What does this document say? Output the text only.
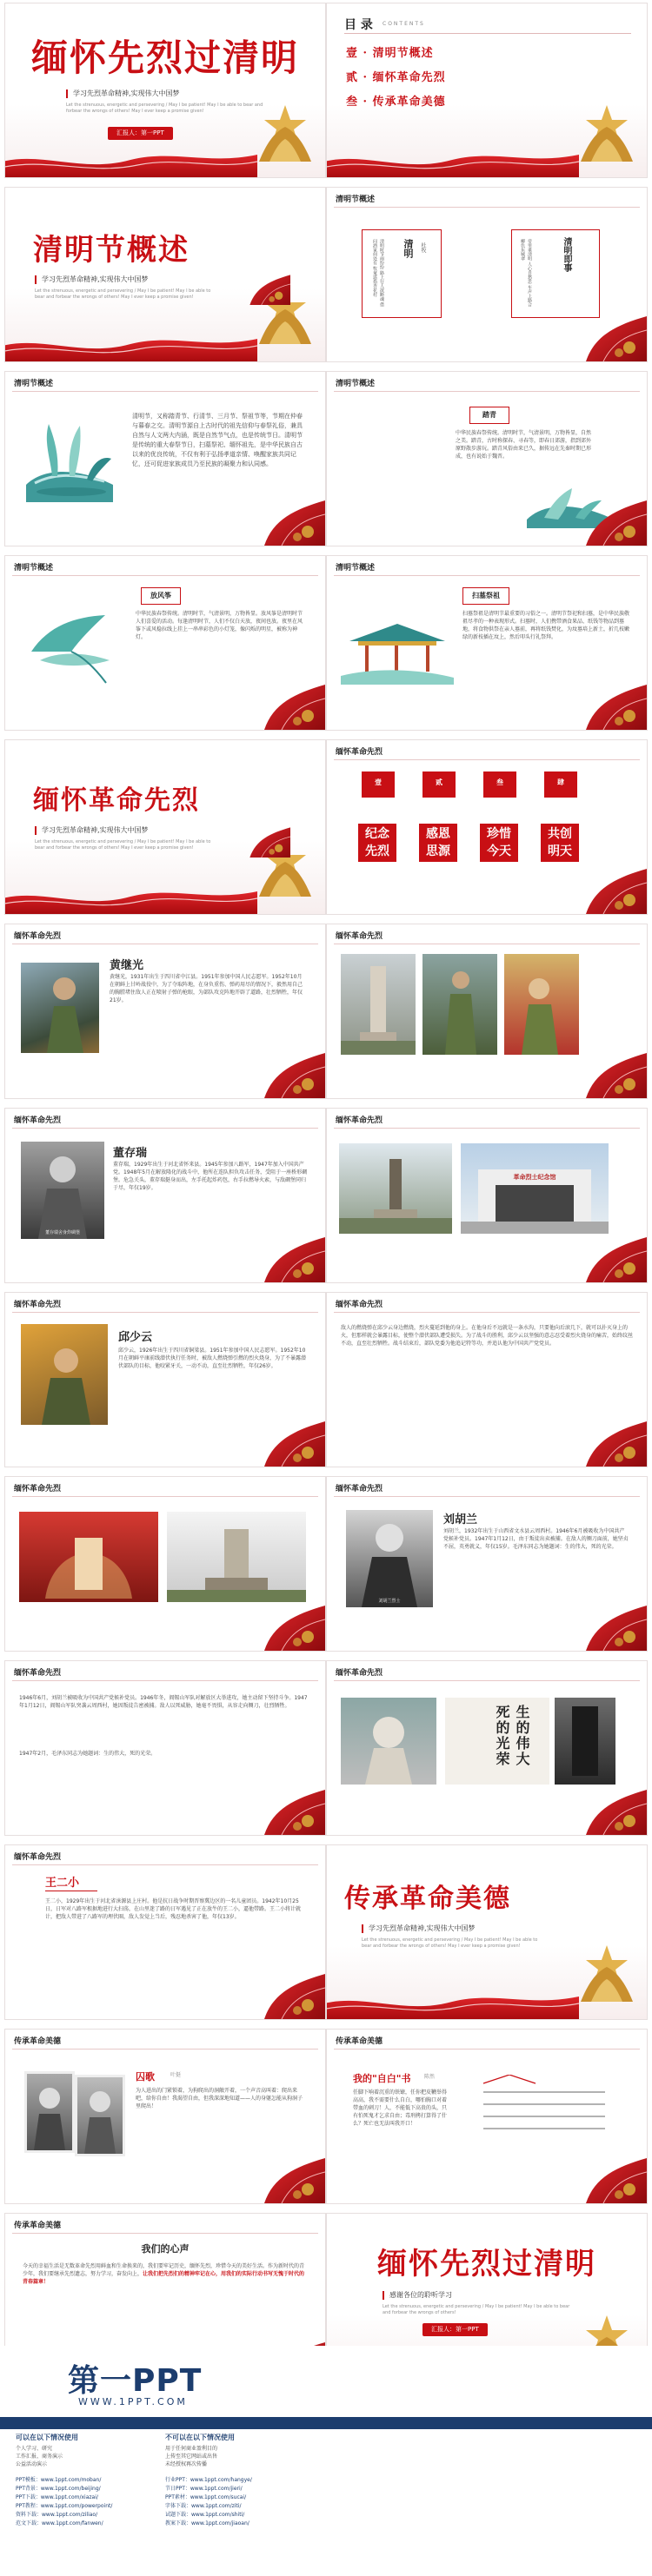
缅怀先烈过清明
学习先烈革命精神,实现伟大中国梦
Let the strenuous, energetic and persevering / May I be patient! May I be able to bear and forbear the wrongs of others! May I ever keep a promise given!
汇报人：第一PPT
目 录 CONTENTS
壹 · 清明节概述
贰 · 缅怀革命先烈
叁 · 传承革命美德
清明节概述
学习先烈革命精神,实现伟大中国梦
Let the strenuous, energetic and persevering / May I be patient! May I be able to bear and forbear the wrongs of others! May I ever keep a promise given!
清明节概述
清明 杜牧
清明时节雨纷纷 路上行人欲断魂 借问酒家何处有 牧童遥指杏花村
清明即事
帝里重清明 人心自愁思 车声上路合 柳色东城翠
清明节概述
清明节，又称踏青节、行清节、三月节、祭祖节等，节期在仲春与暮春之交。清明节源自上古时代的祖先信仰与春祭礼俗，兼具自然与人文两大内涵，既是自然节气点，也是传统节日。清明节是传统的重大春祭节日，扫墓祭祀、缅怀祖先，是中华民族自古以来的优良传统，不仅有利于弘扬孝道亲情、唤醒家族共同记忆，还可促进家族成员乃至民族的凝聚力和认同感。
清明节概述
踏青
中华民族春祭传统。清明时节，气清景明，万物皆显，自然之美。踏青，古时称探春、寻春等，即春日郊游，指到郊外原野散步游玩。踏青风俗由来已久，据传远在先秦时期已形成，也有说始于魏晋。
清明节概述
放风筝
中华民族春祭传统。清明时节，气清景明，万物皆显。放风筝是清明时节人们喜爱的活动。每逢清明时节，人们不仅白天放，夜间也放。夜里在风筝下或风稳拉线上挂上一串串彩色的小灯笼，像闪烁的明星，被称为神灯。
清明节概述
扫墓祭祖
扫墓祭祖是清明节最重要的习俗之一。清明节祭祀和扫墓，是中华民族敬祖尽孝的一种表现形式。扫墓时，人们携带酒食果品、纸钱等物品到墓地，将食物供祭在亲人墓前，再将纸钱焚化，为坟墓培上新土，折几枝嫩绿的新枝插在坟上，然后叩头行礼祭拜。
缅怀革命先烈
学习先烈革命精神,实现伟大中国梦
Let the strenuous, energetic and persevering / May I be patient! May I be able to bear and forbear the wrongs of others! May I ever keep a promise given!
缅怀革命先烈
壹	贰	叁	肆
纪念
先烈
感恩
思源
珍惜
今天
共创
明天
缅怀革命先烈
黄继光
黄继光，1931年出生于四川省中江县。1951年参加中国人民志愿军。1952年10月在朝鲜上甘岭战役中，为了夺取阵地，在身负重伤、弹药用尽的情况下，毅然用自己的胸膛堵住敌人正在喷射子弹的枪眼，为部队攻克阵地开辟了道路，壮烈牺牲，年仅21岁。
缅怀革命先烈
缅怀革命先烈
董存瑞舍身炸碉堡
董存瑞
董存瑞，1929年出生于河北省怀来县。1945年参加八路军，1947年加入中国共产党。1948年5月在解放隆化的战斗中，他所在连队担负攻击任务，受阻于一座桥形碉堡。危急关头，董存瑞挺身而出，左手托起炸药包，右手拉燃导火索，与敌碉堡同归于尽，年仅19岁。
缅怀革命先烈
革命烈士纪念馆
缅怀革命先烈
邱少云
邱少云，1926年出生于四川省铜梁县。1951年参加中国人民志愿军。1952年10月在朝鲜平康前线潜伏执行任务时，被敌人燃烧弹引燃的烈火烧身，为了不暴露潜伏部队的目标，他咬紧牙关，一动不动，直至壮烈牺牲，年仅26岁。
缅怀革命先烈
敌人的燃烧弹在邱少云身边燃烧，烈火蔓延到他的身上。在他身后不远就是一条水沟，只要他向后滚几下，就可以扑灭身上的火，但那样就会暴露目标，使整个潜伏部队遭受损失。为了战斗的胜利，邱少云以坚强的意志忍受着烈火烧身的痛苦，始终纹丝不动，直至壮烈牺牲。战斗结束后，部队党委为他追记特等功，并追认他为中国共产党党员。
缅怀革命先烈	缅怀革命先烈
刘胡兰烈士
刘胡兰
刘胡兰，1932年出生于山西省文水县云周西村。1946年6月被吸收为中国共产党候补党员。1947年1月12日，由于叛徒出卖被捕。在敌人的铡刀面前，她坚贞不屈，英勇就义，年仅15岁。毛泽东同志为她题词：生的伟大，死的光荣。
缅怀革命先烈
1946年6月，刘胡兰被吸收为中国共产党候补党员。1946年冬，阎锡山军队对解放区大举进攻，她主动留下坚持斗争。1947年1月12日，阎锡山军队突袭云周西村，她因叛徒告密被捕。敌人以死威胁，她毫不畏惧，从容走向铡刀，壮烈牺牲。
1947年2月，毛泽东同志为她题词：生的伟大，死的光荣。
缅怀革命先烈
生的伟大 死的光荣
缅怀革命先烈
王二小
王二小，1929年出生于河北省涞源县上庄村。他是抗日战争时期晋察冀边区的一名儿童团员。1942年10月25日，日军对八路军根据地进行大扫荡，在山里迷了路的日军遇见了正在放牛的王二小，逼他带路。王二小将计就计，把敌人带进了八路军的埋伏圈，敌人发觉上当后，残忍地杀害了他，年仅13岁。
传承革命美德
学习先烈革命精神,实现伟大中国梦
Let the strenuous, energetic and persevering / May I be patient! May I be able to bear and forbear the wrongs of others! May I ever keep a promise given!
传承革命美德
囚歌	叶挺
为人进出的门紧锁着，为狗爬出的洞敞开着，一个声音高叫着：爬出来吧，给你自由！我渴望自由，但我深深地知道——人的身躯怎能从狗洞子里爬出！
传承革命美德
我的"自白"书	陈然
任脚下响着沉重的铁镣，任你把皮鞭举得高高，我不需要什么自白，哪怕胸口对着带血的刺刀！人，不能低下高贵的头，只有怕死鬼才乞求自由；毒刑拷打算得了什么？死亡也无法叫我开口！
传承革命美德
我们的心声
今天的幸福生活是无数革命先烈用鲜血和生命换来的，我们要牢记历史，缅怀先烈，珍惜今天的美好生活。作为新时代的青少年，我们要继承先烈遗志，努力学习，奋发向上，让我们把先烈们的精神牢记在心，用我们的实际行动书写无愧于时代的青春篇章！
缅怀先烈过清明
感谢各位的聆听学习
Let the strenuous, energetic and persevering / May I be patient! May I be able to bear and forbear the wrongs of others!
汇报人：第一PPT
第一PPT
WWW.1PPT.COM
可以在以下情况使用
个人学习、研究
工作汇报、商务演示
公益活动演示
不可以在以下情况使用
用于任何商业盈利目的
上传至其它网站或出售
未经授权再次传播
PPT模板：www.1ppt.com/moban/
PPT背景：www.1ppt.com/beijing/
PPT下载：www.1ppt.com/xiazai/
PPT教程：www.1ppt.com/powerpoint/
资料下载：www.1ppt.com/ziliao/
范文下载：www.1ppt.com/fanwen/
行业PPT：www.1ppt.com/hangye/
节日PPT：www.1ppt.com/jieri/
PPT素材：www.1ppt.com/sucai/
字体下载：www.1ppt.com/ziti/
试题下载：www.1ppt.com/shiti/
教案下载：www.1ppt.com/jiaoan/
